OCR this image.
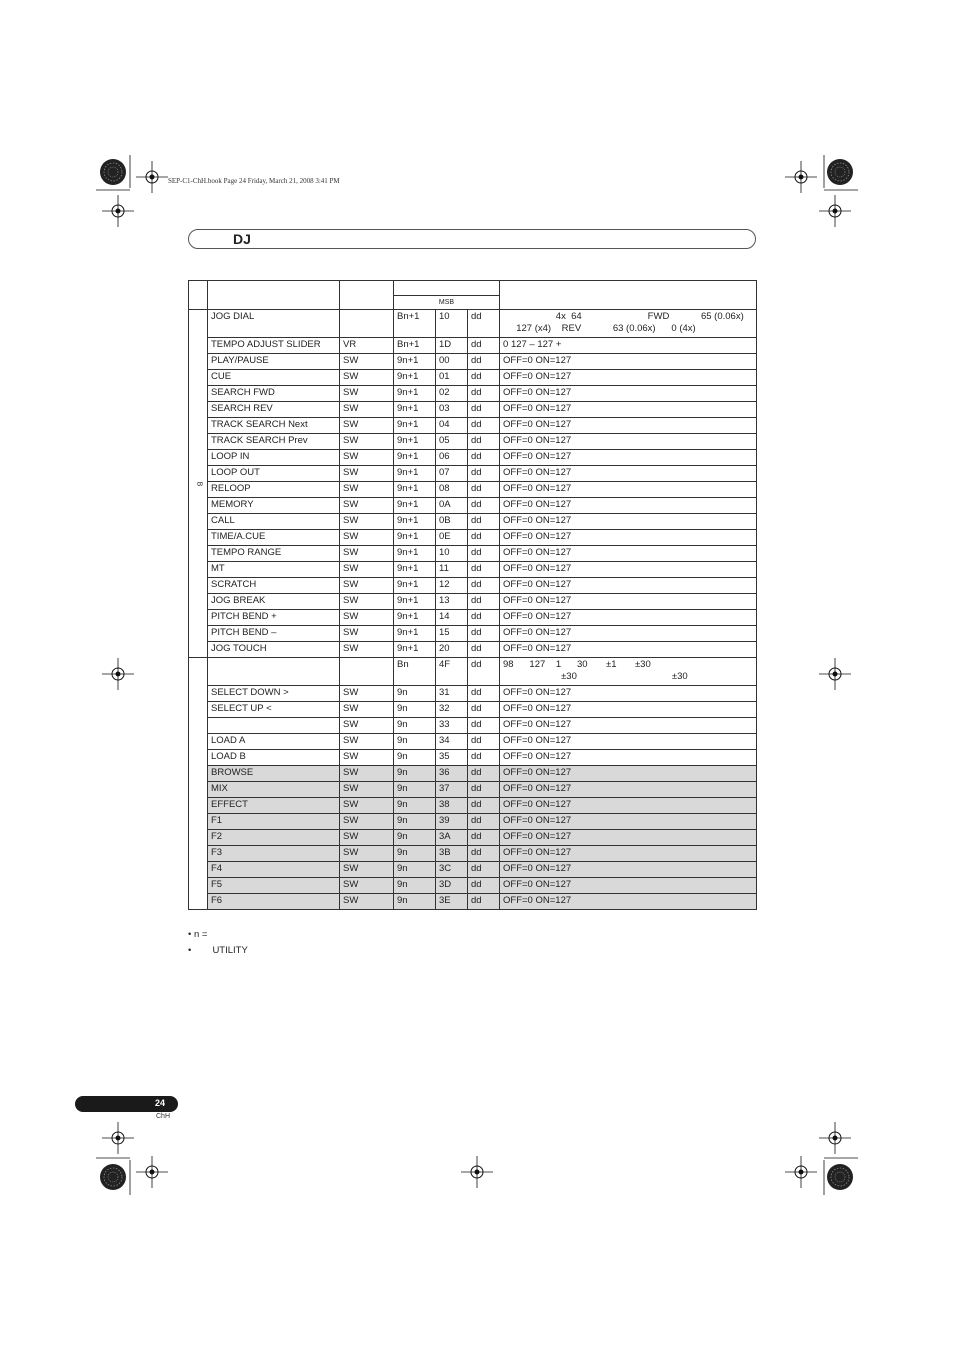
SEP-C1-ChH.book Page 24 Friday, March 21, 2008 3:41 PM
DJ

			MSB			
B	JOG DIAL		Bn+1	10	dd	4x  64                         FWD            65 (0.06x)
127 (x4)    REV            63 (0.06x)      0 (4x)
	TEMPO ADJUST SLIDER	VR	Bn+1	1D	dd	0 127 – 127 +
	PLAY/PAUSE	SW	9n+1	00	dd	OFF=0 ON=127
	CUE	SW	9n+1	01	dd	OFF=0 ON=127
	SEARCH FWD	SW	9n+1	02	dd	OFF=0 ON=127
	SEARCH REV	SW	9n+1	03	dd	OFF=0 ON=127
	TRACK SEARCH Next	SW	9n+1	04	dd	OFF=0 ON=127
	TRACK SEARCH Prev	SW	9n+1	05	dd	OFF=0 ON=127
	LOOP IN	SW	9n+1	06	dd	OFF=0 ON=127
	LOOP OUT	SW	9n+1	07	dd	OFF=0 ON=127
	RELOOP	SW	9n+1	08	dd	OFF=0 ON=127
	MEMORY	SW	9n+1	0A	dd	OFF=0 ON=127
	CALL	SW	9n+1	0B	dd	OFF=0 ON=127
	TIME/A.CUE	SW	9n+1	0E	dd	OFF=0 ON=127
	TEMPO RANGE	SW	9n+1	10	dd	OFF=0 ON=127
	MT	SW	9n+1	11	dd	OFF=0 ON=127
	SCRATCH	SW	9n+1	12	dd	OFF=0 ON=127
	JOG BREAK	SW	9n+1	13	dd	OFF=0 ON=127
	PITCH BEND +	SW	9n+1	14	dd	OFF=0 ON=127
	PITCH BEND –	SW	9n+1	15	dd	OFF=0 ON=127
	JOG TOUCH	SW	9n+1	20	dd	OFF=0 ON=127
			Bn	4F	dd	98      127    1      30       ±1       ±30
±30                                    ±30
	SELECT DOWN >	SW	9n	31	dd	OFF=0 ON=127
	SELECT UP <	SW	9n	32	dd	OFF=0 ON=127
		SW	9n	33	dd	OFF=0 ON=127
	LOAD A	SW	9n	34	dd	OFF=0 ON=127
	LOAD B	SW	9n	35	dd	OFF=0 ON=127
	BROWSE	SW	9n	36	dd	OFF=0 ON=127
	MIX	SW	9n	37	dd	OFF=0 ON=127
	EFFECT	SW	9n	38	dd	OFF=0 ON=127
	F1	SW	9n	39	dd	OFF=0 ON=127
	F2	SW	9n	3A	dd	OFF=0 ON=127
	F3	SW	9n	3B	dd	OFF=0 ON=127
	F4	SW	9n	3C	dd	OFF=0 ON=127
	F5	SW	9n	3D	dd	OFF=0 ON=127
	F6	SW	9n	3E	dd	OFF=0 ON=127
• n =
•        UTILITY
24
ChH
